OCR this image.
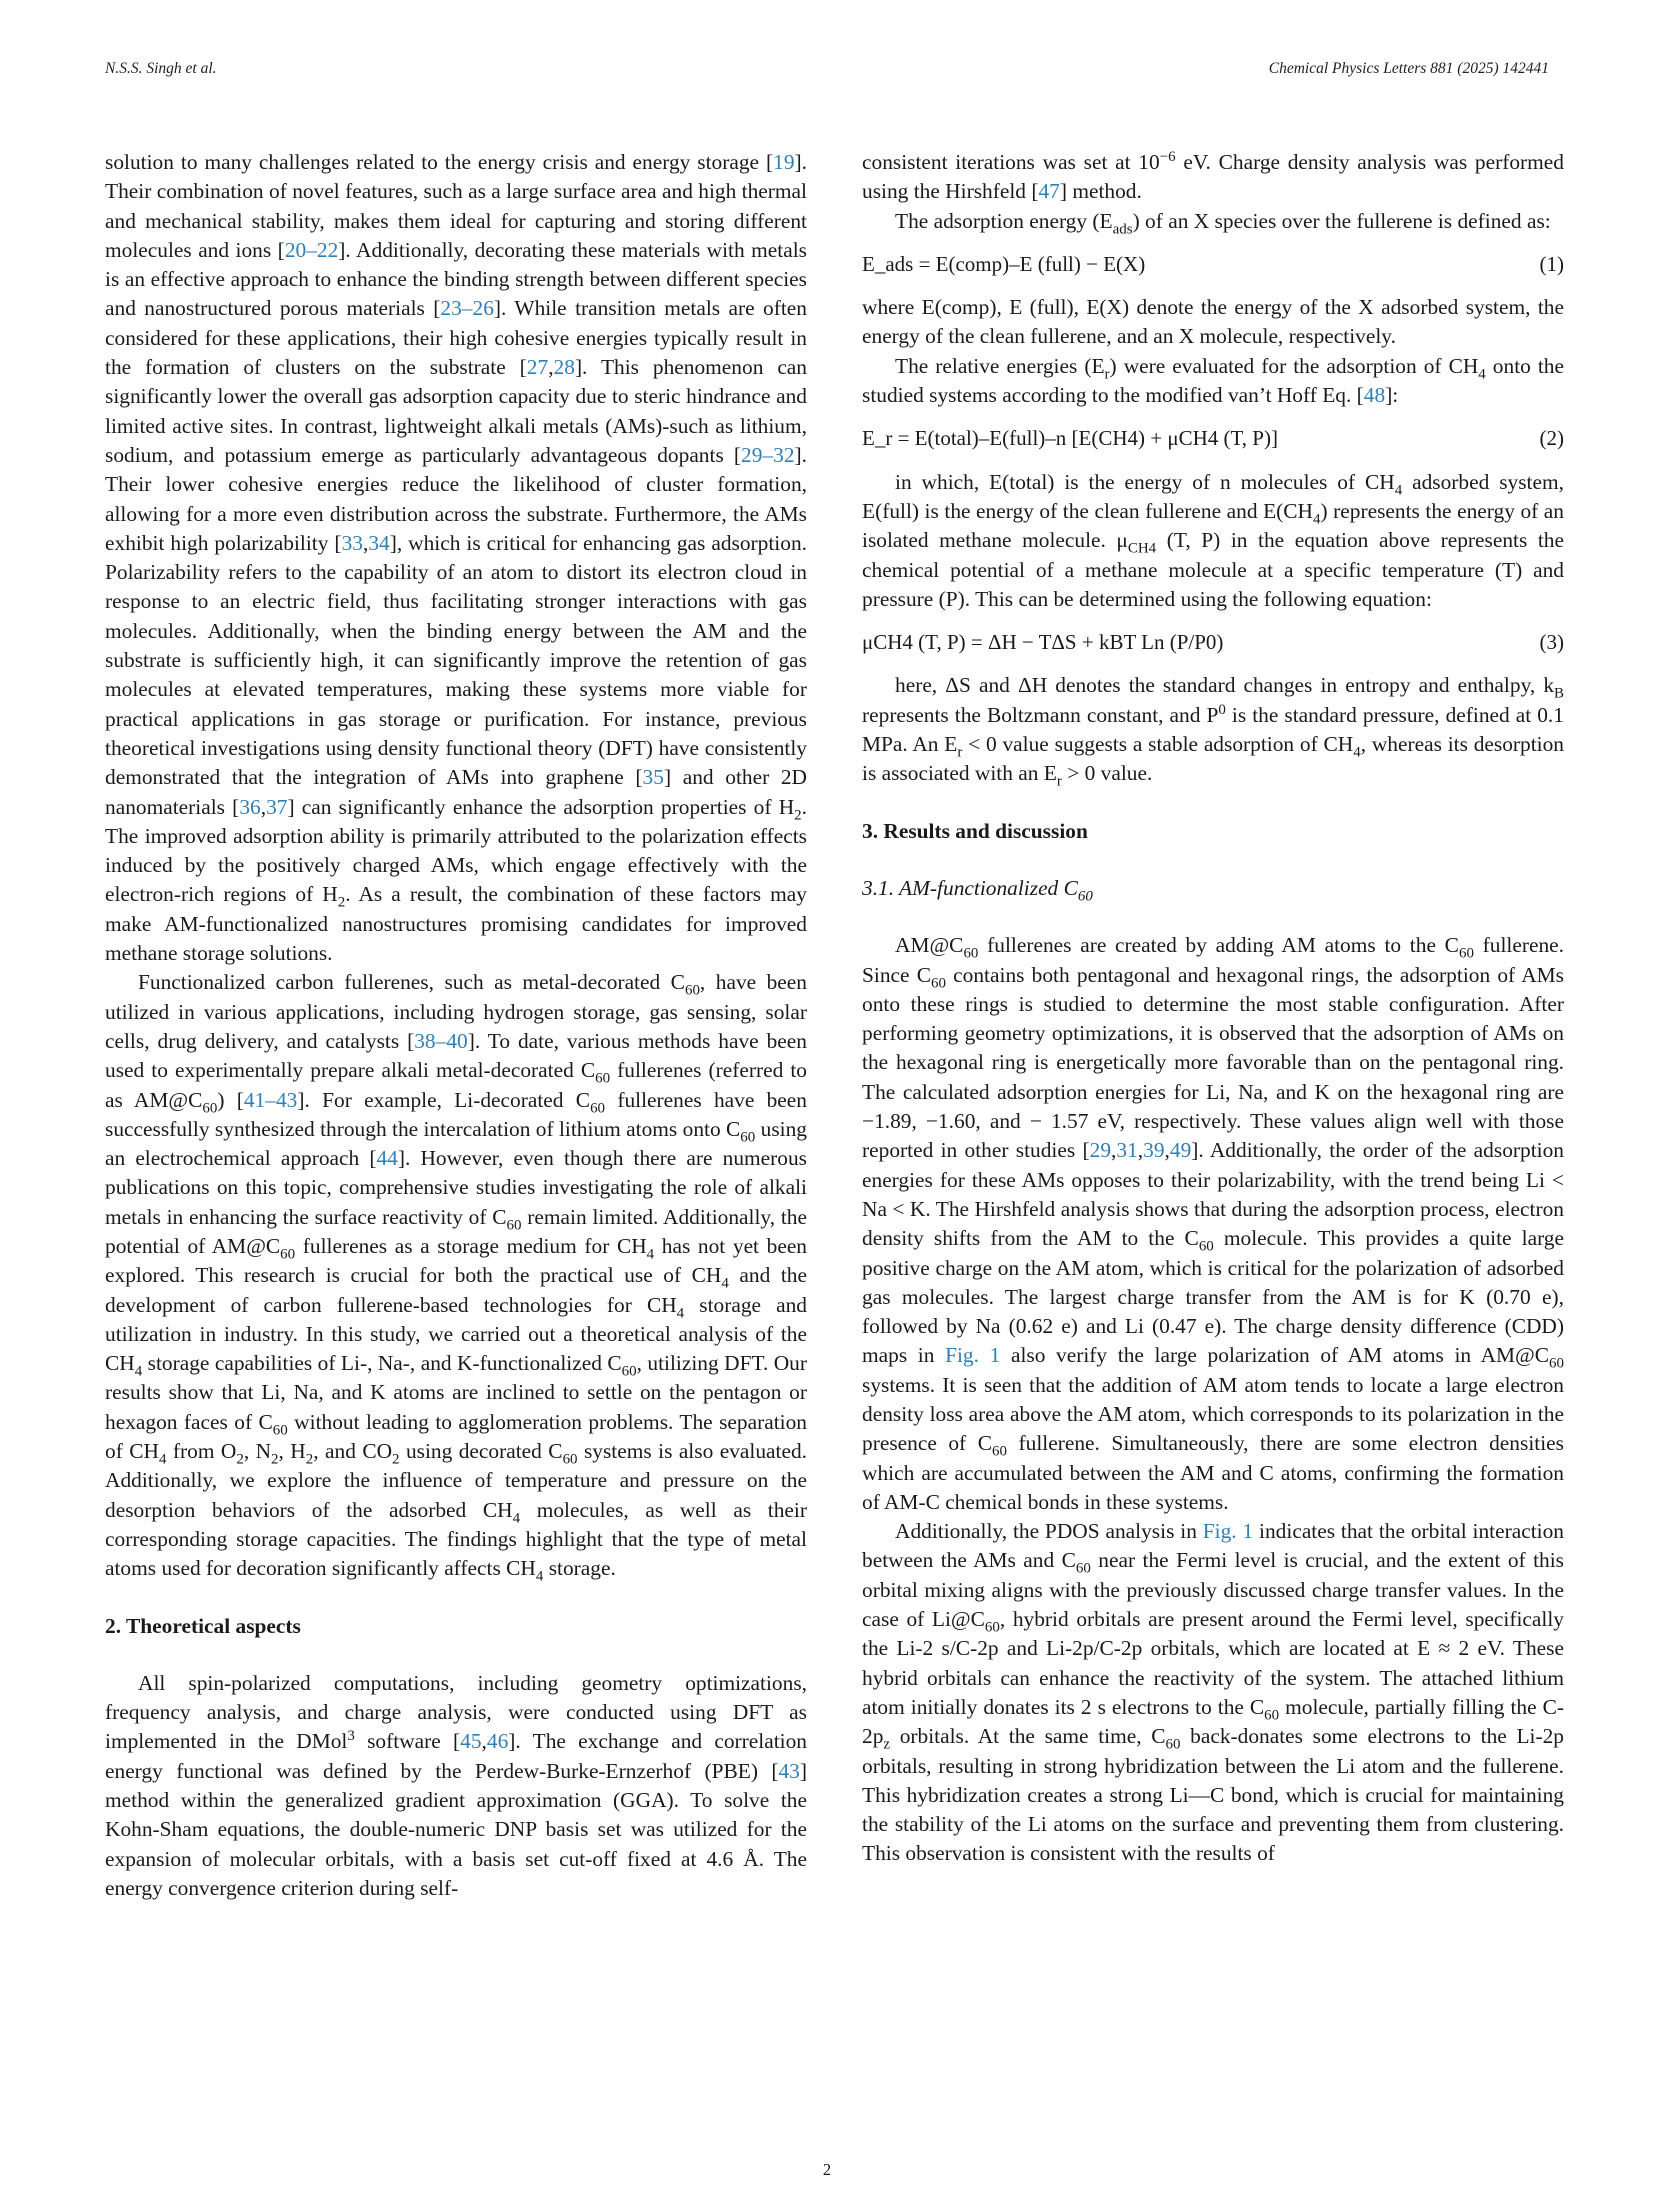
N.S.S. Singh et al.	Chemical Physics Letters 881 (2025) 142441

solution to many challenges related to the energy crisis and energy storage [19]. Their combination of novel features, such as a large surface area and high thermal and mechanical stability, makes them ideal for capturing and storing different molecules and ions [20–22]. Additionally, decorating these materials with metals is an effective approach to enhance the binding strength between different species and nanostructured porous materials [23–26]. While transition metals are often considered for these applications, their high cohesive energies typically result in the formation of clusters on the substrate [27,28]. This phenomenon can significantly lower the overall gas adsorption capacity due to steric hindrance and limited active sites. In contrast, lightweight alkali metals (AMs)-such as lithium, sodium, and potassium emerge as particularly advantageous dopants [29–32]. Their lower cohesive energies reduce the likelihood of cluster formation, allowing for a more even distribution across the substrate. Furthermore, the AMs exhibit high polarizability [33,34], which is critical for enhancing gas adsorption. Polarizability refers to the capability of an atom to distort its electron cloud in response to an electric field, thus facilitating stronger interactions with gas molecules. Additionally, when the binding energy between the AM and the substrate is sufficiently high, it can significantly improve the retention of gas molecules at elevated temperatures, making these systems more viable for practical applications in gas storage or purification. For instance, previous theoretical investigations using density functional theory (DFT) have consistently demonstrated that the integration of AMs into graphene [35] and other 2D nanomaterials [36,37] can significantly enhance the adsorption properties of $H_2$. The improved adsorption ability is primarily attributed to the polarization effects induced by the positively charged AMs, which engage effectively with the electron-rich regions of $H_2$. As a result, the combination of these factors may make AM-functionalized nanostructures promising candidates for improved methane storage solutions.

Functionalized carbon fullerenes, such as metal-decorated $C_{60}$, have been utilized in various applications, including hydrogen storage, gas sensing, solar cells, drug delivery, and catalysts [38–40]. To date, various methods have been used to experimentally prepare alkali metal-decorated $C_{60}$ fullerenes (referred to as $AM@C_{60}$) [41–43]. For example, Li-decorated $C_{60}$ fullerenes have been successfully synthesized through the intercalation of lithium atoms onto $C_{60}$ using an electrochemical approach [44]. However, even though there are numerous publications on this topic, comprehensive studies investigating the role of alkali metals in enhancing the surface reactivity of $C_{60}$ remain limited. Additionally, the potential of $AM@C_{60}$ fullerenes as a storage medium for $CH_4$ has not yet been explored. This research is crucial for both the practical use of $CH_4$ and the development of carbon fullerene-based technologies for $CH_4$ storage and utilization in industry. In this study, we carried out a theoretical analysis of the $CH_4$ storage capabilities of Li-, Na-, and K-functionalized $C_{60}$, utilizing DFT. Our results show that Li, Na, and K atoms are inclined to settle on the pentagon or hexagon faces of $C_{60}$ without leading to agglomeration problems. The separation of $CH_4$ from $O_2$, $N_2$, $H_2$, and $CO_2$ using decorated $C_{60}$ systems is also evaluated. Additionally, we explore the influence of temperature and pressure on the desorption behaviors of the adsorbed $CH_4$ molecules, as well as their corresponding storage capacities. The findings highlight that the type of metal atoms used for decoration significantly affects $CH_4$ storage.

2. Theoretical aspects

All spin-polarized computations, including geometry optimizations, frequency analysis, and charge analysis, were conducted using DFT as implemented in the DMol$^3$ software [45,46]. The exchange and correlation energy functional was defined by the Perdew-Burke-Ernzerhof (PBE) [43] method within the generalized gradient approximation (GGA). To solve the Kohn-Sham equations, the double-numeric DNP basis set was utilized for the expansion of molecular orbitals, with a basis set cut-off fixed at 4.6 Å. The energy convergence criterion during self-

consistent iterations was set at $10^{-6}$ eV. Charge density analysis was performed using the Hirshfeld [47] method.

The adsorption energy $(E_{ads})$ of an X species over the fullerene is defined as:

E_ads = E(comp)–E (full) − E(X)	(1)

where E(comp), E (full), E(X) denote the energy of the X adsorbed system, the energy of the clean fullerene, and an X molecule, respectively.

The relative energies $(E_r)$ were evaluated for the adsorption of $CH_4$ onto the studied systems according to the modified van’t Hoff Eq. [48]:

E_r = E(total)–E(full)–n [E(CH4) + μCH4 (T, P)]	(2)

in which, E(total) is the energy of n molecules of $CH_4$ adsorbed system, E(full) is the energy of the clean fullerene and $E(CH_4)$ represents the energy of an isolated methane molecule. $\mu_{CH4}$ (T, P) in the equation above represents the chemical potential of a methane molecule at a specific temperature (T) and pressure (P). This can be determined using the following equation:

μCH4 (T, P) = ΔH − TΔS + kBT Ln (P/P0)	(3)

here, ΔS and ΔH denotes the standard changes in entropy and enthalpy, $k_B$ represents the Boltzmann constant, and $P^0$ is the standard pressure, defined at 0.1 MPa. An $E_r < 0$ value suggests a stable adsorption of $CH_4$, whereas its desorption is associated with an $E_r > 0$ value.

3. Results and discussion
3.1. AM-functionalized $C_{60}$

$AM@C_{60}$ fullerenes are created by adding AM atoms to the $C_{60}$ fullerene. Since $C_{60}$ contains both pentagonal and hexagonal rings, the adsorption of AMs onto these rings is studied to determine the most stable configuration. After performing geometry optimizations, it is observed that the adsorption of AMs on the hexagonal ring is energetically more favorable than on the pentagonal ring. The calculated adsorption energies for Li, Na, and K on the hexagonal ring are −1.89, −1.60, and − 1.57 eV, respectively. These values align well with those reported in other studies [29,31,39,49]. Additionally, the order of the adsorption energies for these AMs opposes to their polarizability, with the trend being Li < Na < K. The Hirshfeld analysis shows that during the adsorption process, electron density shifts from the AM to the $C_{60}$ molecule. This provides a quite large positive charge on the AM atom, which is critical for the polarization of adsorbed gas molecules. The largest charge transfer from the AM is for K (0.70 e), followed by Na (0.62 e) and Li (0.47 e). The charge density difference (CDD) maps in Fig. 1 also verify the large polarization of AM atoms in $AM@C_{60}$ systems. It is seen that the addition of AM atom tends to locate a large electron density loss area above the AM atom, which corresponds to its polarization in the presence of $C_{60}$ fullerene. Simultaneously, there are some electron densities which are accumulated between the AM and C atoms, confirming the formation of AM-C chemical bonds in these systems.

Additionally, the PDOS analysis in Fig. 1 indicates that the orbital interaction between the AMs and $C_{60}$ near the Fermi level is crucial, and the extent of this orbital mixing aligns with the previously discussed charge transfer values. In the case of $Li@C_{60}$, hybrid orbitals are present around the Fermi level, specifically the Li-2 s/C-2p and Li-2p/C-2p orbitals, which are located at E ≈ 2 eV. These hybrid orbitals can enhance the reactivity of the system. The attached lithium atom initially donates its 2 s electrons to the $C_{60}$ molecule, partially filling the $C-2p_z$ orbitals. At the same time, $C_{60}$ back-donates some electrons to the Li-2p orbitals, resulting in strong hybridization between the Li atom and the fullerene. This hybridization creates a strong Li—C bond, which is crucial for maintaining the stability of the Li atoms on the surface and preventing them from clustering. This observation is consistent with the results of

2
